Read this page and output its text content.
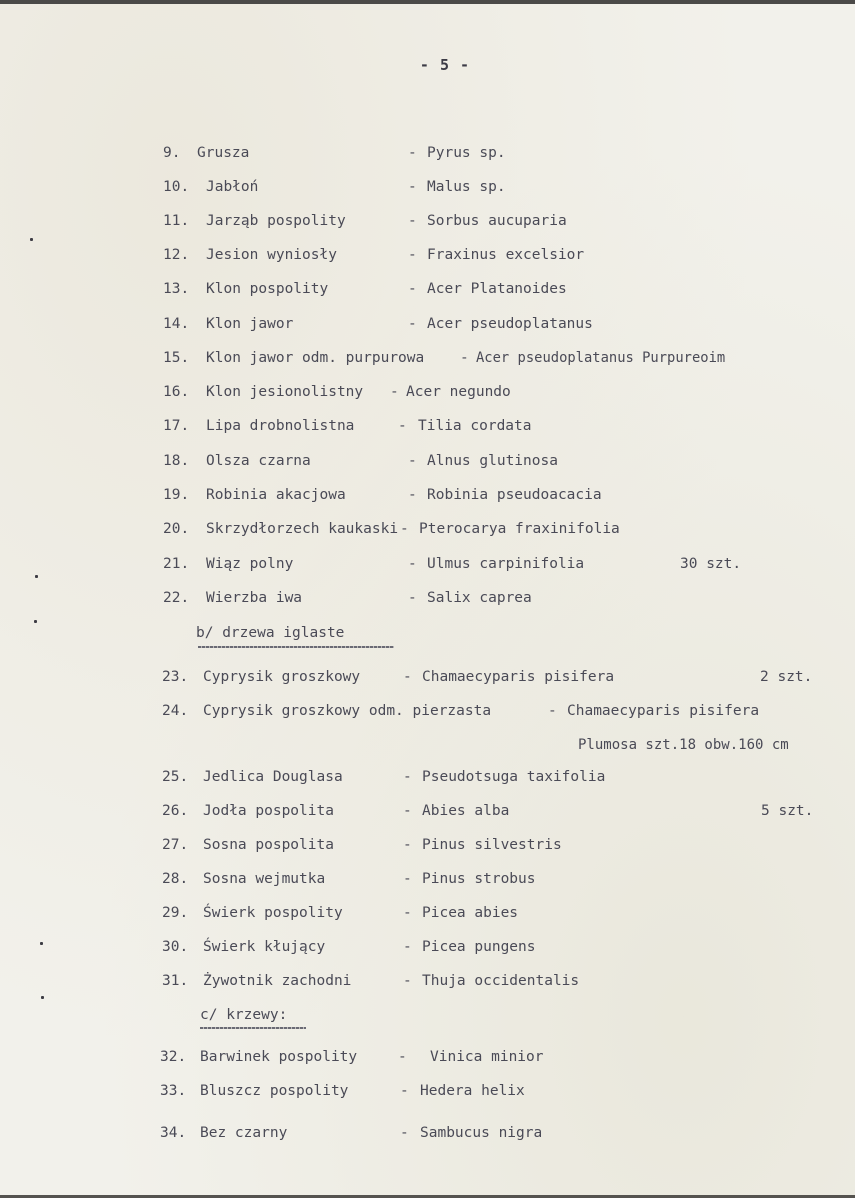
- 5 -
9. Grusza	- Pyrus sp.
10. Jabłoń	- Malus sp.
11. Jarząb pospolity	- Sorbus aucuparia
12. Jesion wyniosły	- Fraxinus excelsior
13. Klon pospolity	- Acer Platanoides
14. Klon jawor	- Acer pseudoplatanus
15. Klon jawor odm. purpurowa - Acer pseudoplatanus Purpureoim
16. Klon jesionolistny - Acer negundo
17. Lipa drobnolistna	- Tilia cordata
18. Olsza czarna	- Alnus glutinosa
19. Robinia akacjowa	- Robinia pseudoacacia
20. Skrzydłorzech kaukaski - Pterocarya fraxinifolia
21. Wiąz polny	- Ulmus carpinifolia	30 szt.
22. Wierzba iwa	- Salix caprea
b/ drzewa iglaste
23. Cyprysik groszkowy	- Chamaecyparis pisifera	2 szt.
24. Cyprysik groszkowy odm. pierzasta	- Chamaecyparis pisifera
Plumosa szt.18 obw.160 cm
25. Jedlica Douglasa	- Pseudotsuga taxifolia
26. Jodła pospolita	- Abies alba	5 szt.
27. Sosna pospolita	- Pinus silvestris
28. Sosna wejmutka	- Pinus strobus
29. Świerk pospolity	- Picea abies
30. Świerk kłujący	- Picea pungens
31. Żywotnik zachodni	- Thuja occidentalis
c/ krzewy:
32. Barwinek pospolity	- Vinica minior
33. Bluszcz pospolity	- Hedera helix
34. Bez czarny	- Sambucus nigra
